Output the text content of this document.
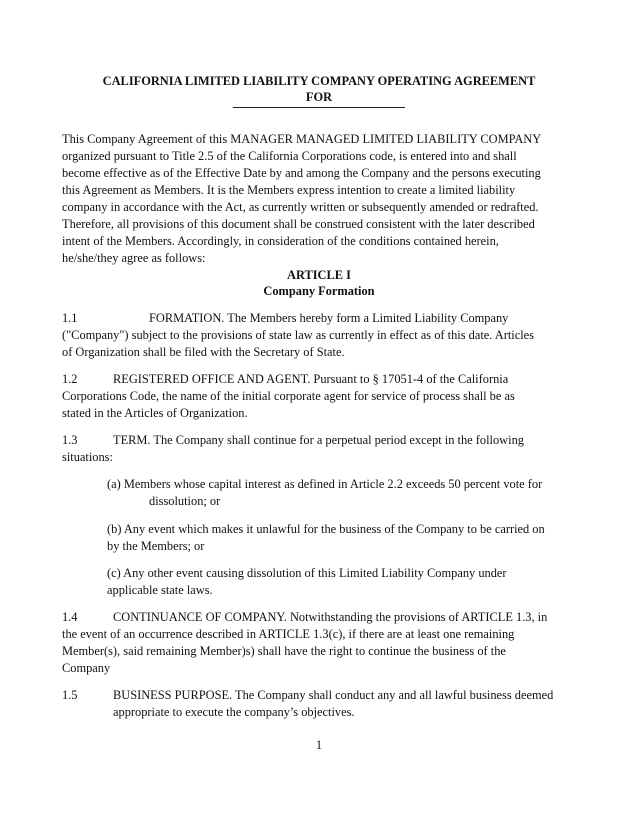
CALIFORNIA LIMITED LIABILITY COMPANY OPERATING AGREEMENT
FOR
This Company Agreement of this MANAGER MANAGED LIMITED LIABILITY COMPANY
organized pursuant to Title 2.5 of the California Corporations code, is entered into and shall
become effective as of the Effective Date by and among the Company and the persons executing
this Agreement as Members. It is the Members express intention to create a limited liability
company in accordance with the Act, as currently written or subsequently amended or redrafted.
Therefore, all provisions of this document shall be construed consistent with the later described
intent of the Members. Accordingly, in consideration of the conditions contained herein,
he/she/they agree as follows:
ARTICLE I
Company Formation
1.1	FORMATION. The Members hereby form a Limited Liability Company
("Company") subject to the provisions of state law as currently in effect as of this date. Articles
of Organization shall be filed with the Secretary of State.
1.2	REGISTERED OFFICE AND AGENT. Pursuant to § 17051-4 of the California
Corporations Code, the name of the initial corporate agent for service of process shall be as
stated in the Articles of Organization.
1.3	TERM. The Company shall continue for a perpetual period except in the following
situations:
(a) Members whose capital interest as defined in Article 2.2 exceeds 50 percent vote for
dissolution; or
(b) Any event which makes it unlawful for the business of the Company to be carried on
by the Members; or
(c) Any other event causing dissolution of this Limited Liability Company under
applicable state laws.
1.4	CONTINUANCE OF COMPANY. Notwithstanding the provisions of ARTICLE 1.3, in
the event of an occurrence described in ARTICLE 1.3(c), if there are at least one remaining
Member(s), said remaining Member)s) shall have the right to continue the business of the
Company
1.5	BUSINESS PURPOSE. The Company shall conduct any and all lawful business deemed
appropriate to execute the company’s objectives.
1
